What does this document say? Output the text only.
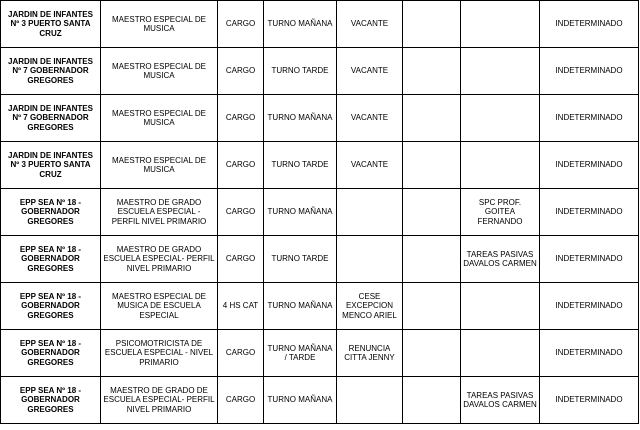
JARDIN DE INFANTES Nº 3 PUERTO SANTA CRUZ	MAESTRO ESPECIAL DE MUSICA	CARGO	TURNO MAÑANA	VACANTE			INDETERMINADO
JARDIN DE INFANTES Nº 7 GOBERNADOR GREGORES	MAESTRO ESPECIAL DE MUSICA	CARGO	TURNO TARDE	VACANTE			INDETERMINADO
JARDIN DE INFANTES Nº 7 GOBERNADOR GREGORES	MAESTRO ESPECIAL DE MUSICA	CARGO	TURNO MAÑANA	VACANTE			INDETERMINADO
JARDIN DE INFANTES Nº 3 PUERTO SANTA CRUZ	MAESTRO ESPECIAL DE MUSICA	CARGO	TURNO TARDE	VACANTE			INDETERMINADO
EPP SEA Nº 18 - GOBERNADOR GREGORES	MAESTRO DE GRADO ESCUELA ESPECIAL - PERFIL NIVEL PRIMARIO	CARGO	TURNO MAÑANA			SPC PROF. GOITEA FERNANDO	INDETERMINADO
EPP SEA Nº 18 - GOBERNADOR GREGORES	MAESTRO DE GRADO ESCUELA ESPECIAL- PERFIL NIVEL PRIMARIO	CARGO	TURNO TARDE			TAREAS PASIVAS DAVALOS CARMEN	INDETERMINADO
EPP SEA Nº 18 - GOBERNADOR GREGORES	MAESTRO ESPECIAL DE MUSICA DE ESCUELA ESPECIAL	4 HS CAT	TURNO MAÑANA	CESE EXCEPCION MENCO ARIEL			INDETERMINADO
EPP SEA Nº 18 - GOBERNADOR GREGORES	PSICOMOTRICISTA DE ESCUELA ESPECIAL - NIVEL PRIMARIO	CARGO	TURNO MAÑANA / TARDE	RENUNCIA CITTA JENNY			INDETERMINADO
EPP SEA Nº 18 - GOBERNADOR GREGORES	MAESTRO DE GRADO DE ESCUELA ESPECIAL- PERFIL NIVEL PRIMARIO	CARGO	TURNO MAÑANA			TAREAS PASIVAS DAVALOS CARMEN	INDETERMINADO
